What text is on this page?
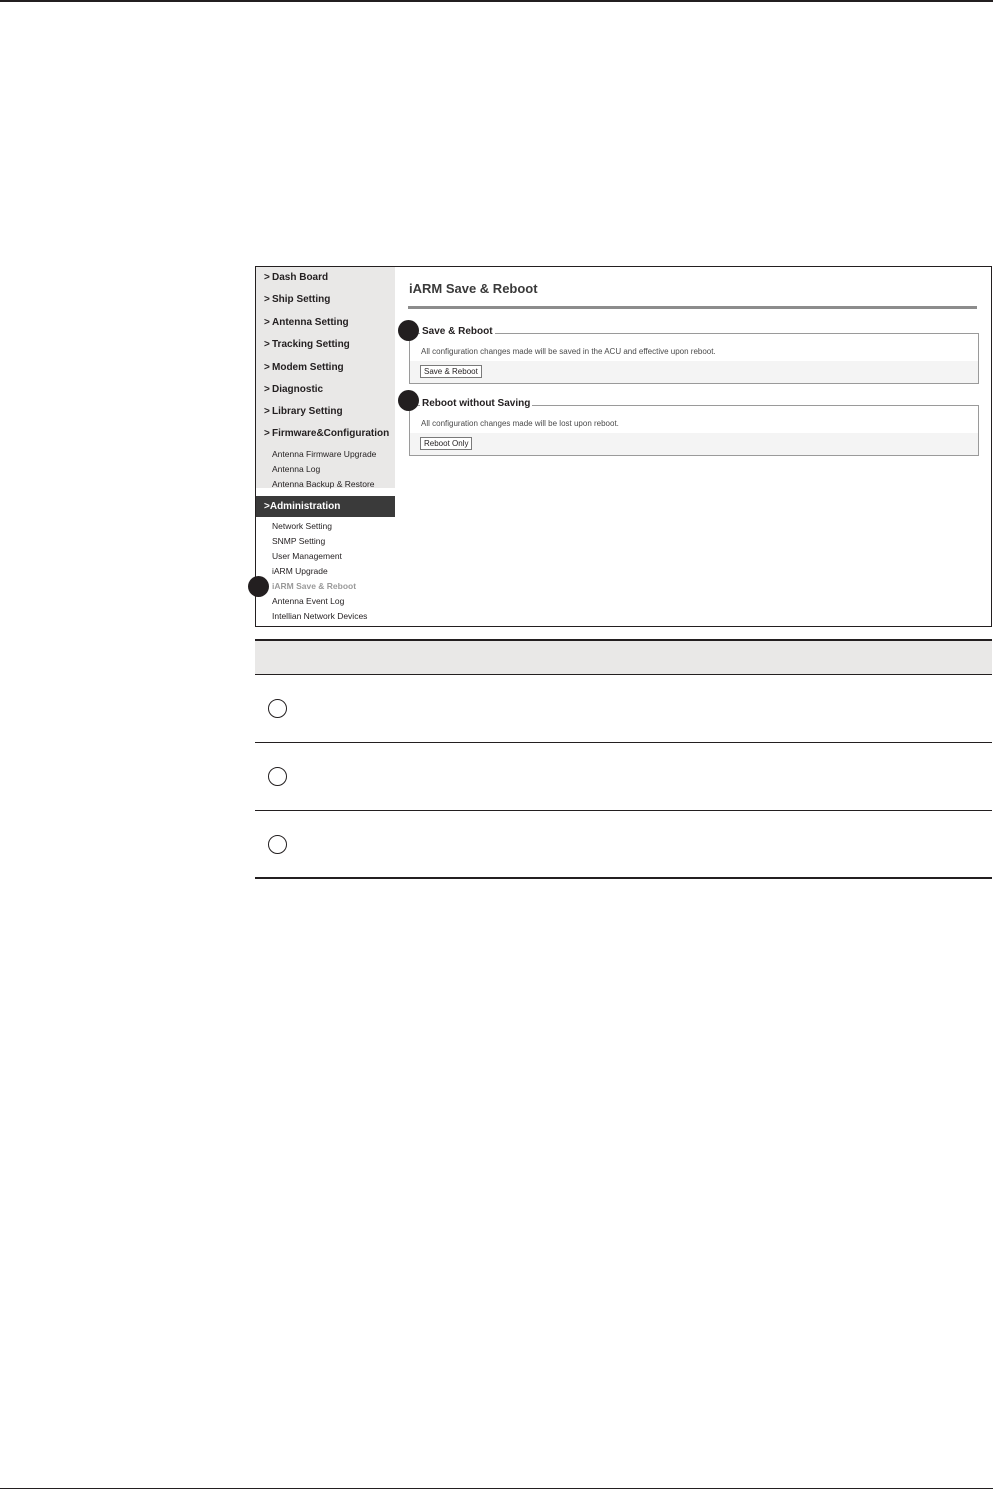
> Dash Board
> Ship Setting
> Antenna Setting
> Tracking Setting
> Modem Setting
> Diagnostic
> Library Setting
> Firmware&Configuration
Antenna Firmware Upgrade
Antenna Log
Antenna Backup & Restore
>Administration
Network Setting
SNMP Setting
User Management
iARM Upgrade
iARM Save & Reboot
Antenna Event Log
Intellian Network Devices
iARM Save & Reboot
Save & Reboot
All configuration changes made will be saved in the ACU and effective upon reboot.
Save & Reboot
Reboot without Saving
All configuration changes made will be lost upon reboot.
Reboot Only
